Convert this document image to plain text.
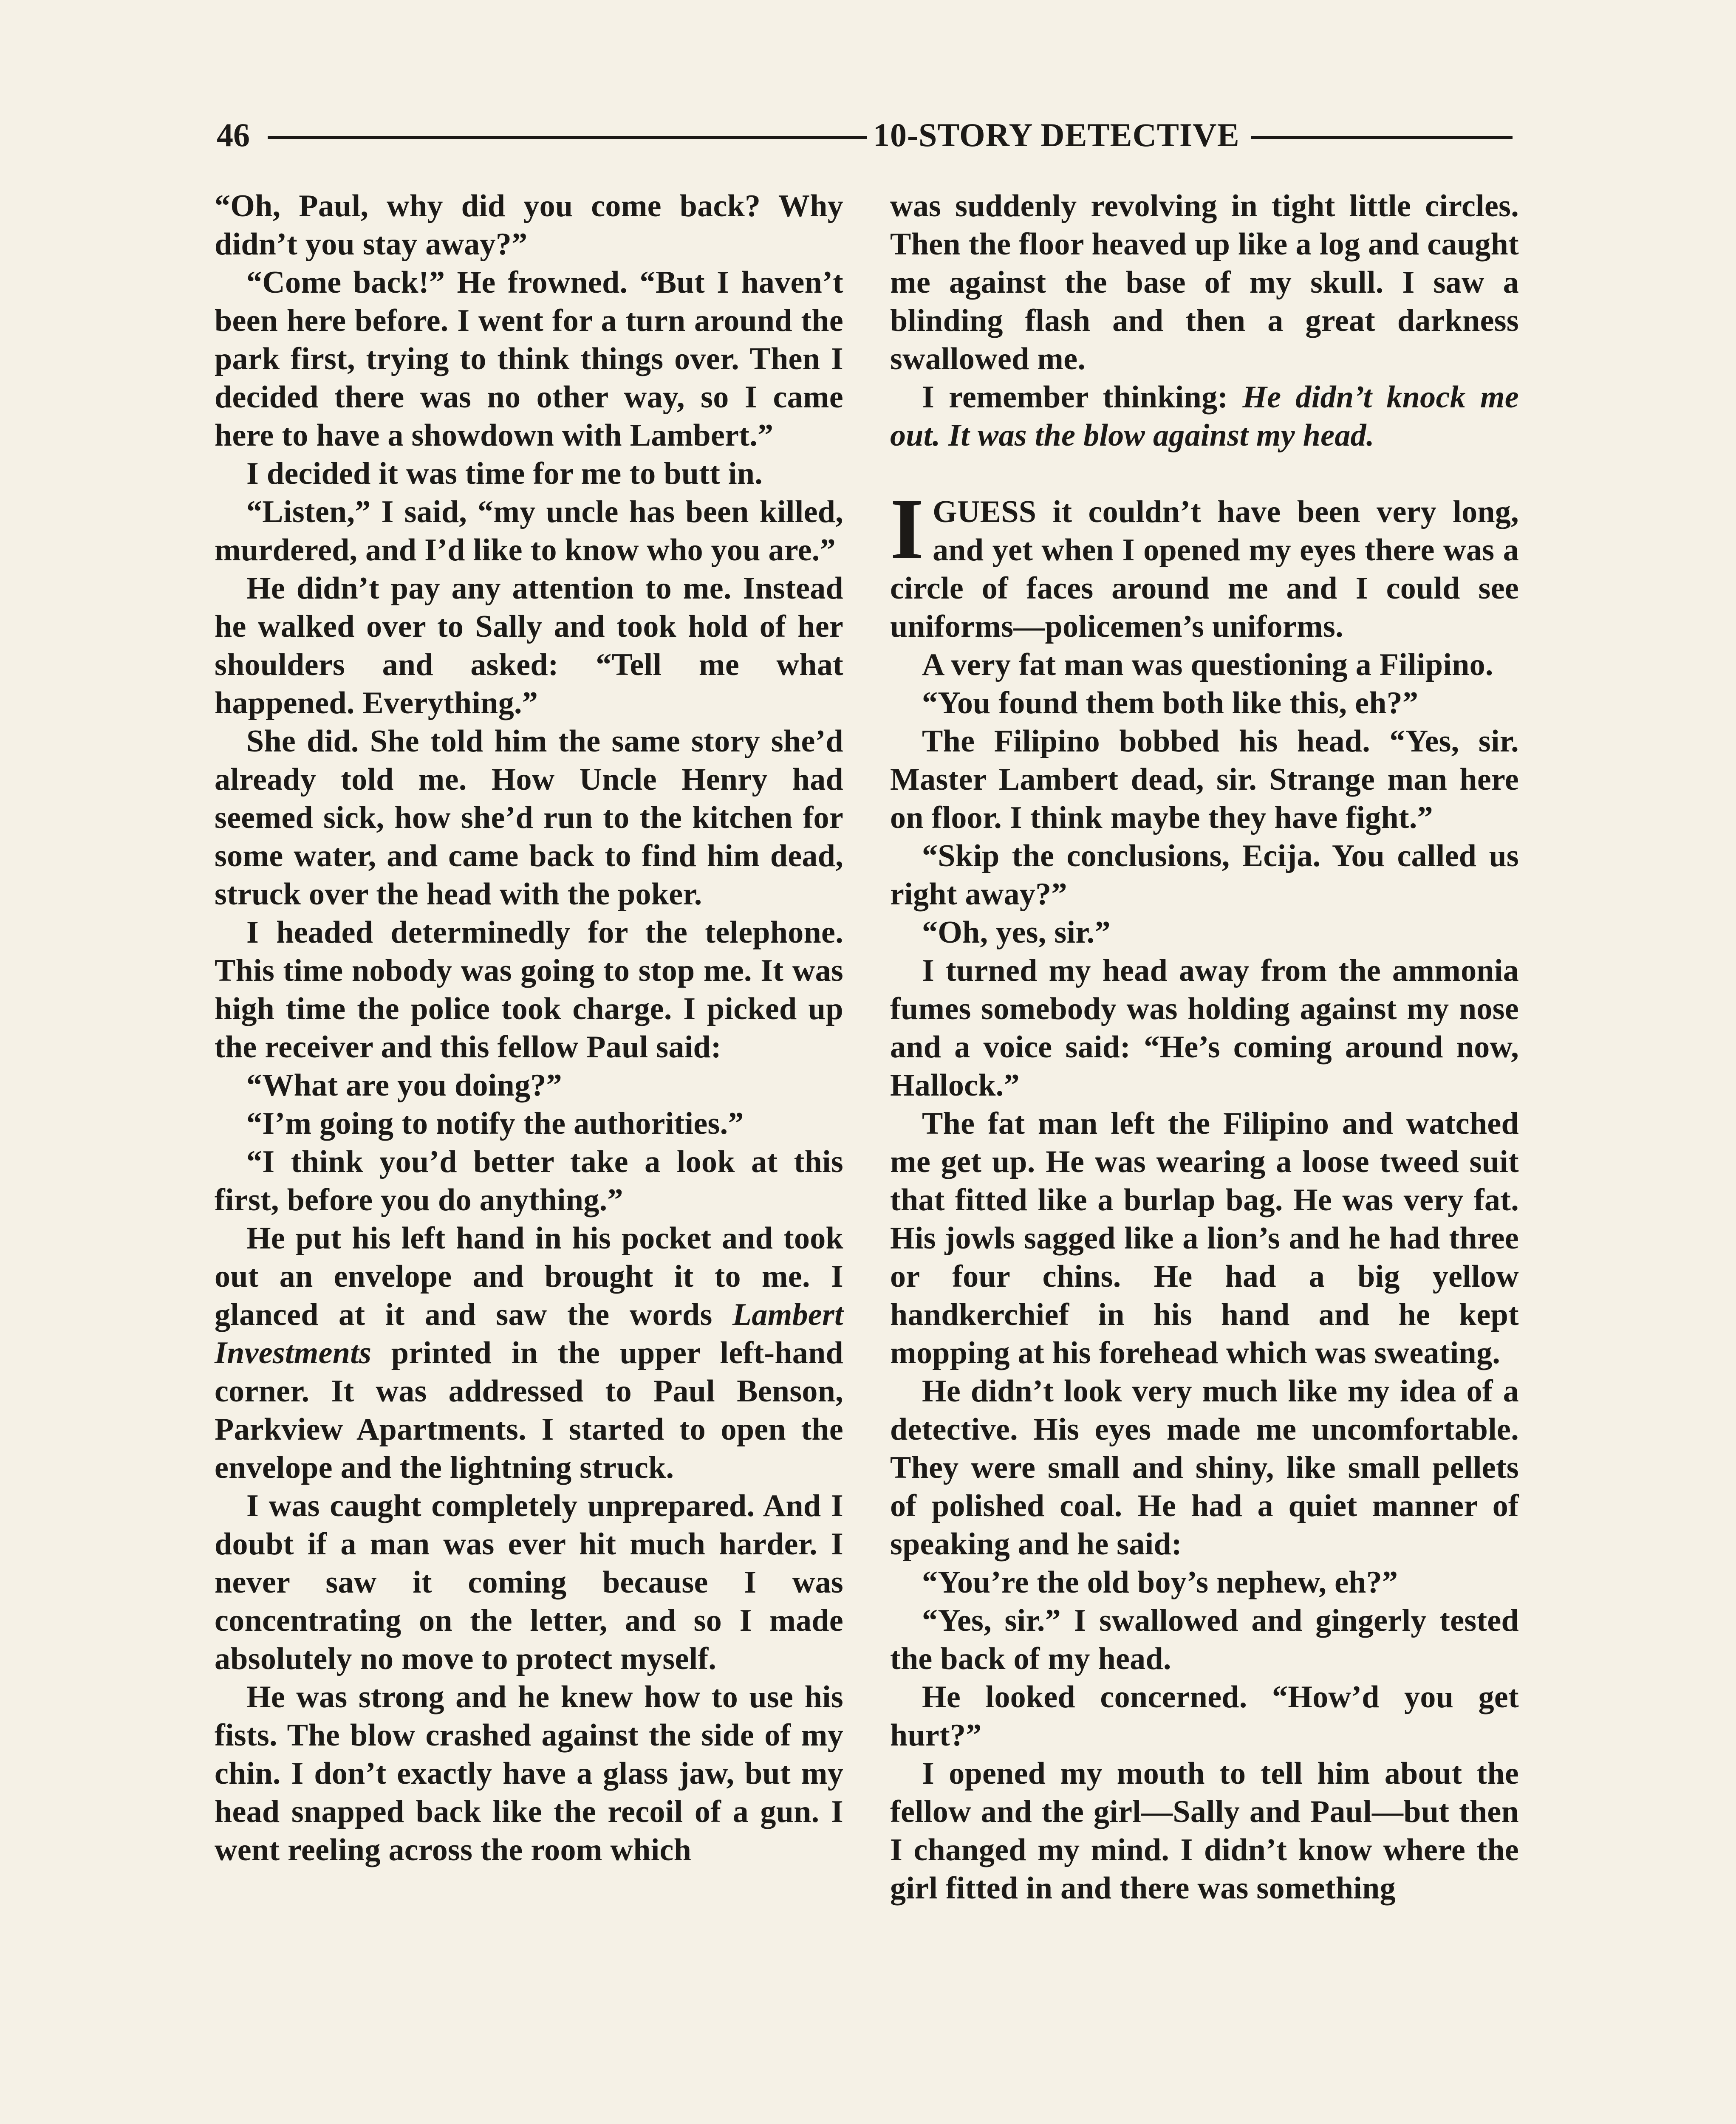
46	10-STORY DETECTIVE

“Oh, Paul, why did you come back? Why didn’t you stay away?”

“Come back!” He frowned. “But I haven’t been here before. I went for a turn around the park first, trying to think things over. Then I decided there was no other way, so I came here to have a showdown with Lambert.”

I decided it was time for me to butt in.

“Listen,” I said, “my uncle has been killed, murdered, and I’d like to know who you are.”

He didn’t pay any attention to me. Instead he walked over to Sally and took hold of her shoulders and asked: “Tell me what happened. Everything.”

She did. She told him the same story she’d already told me. How Uncle Henry had seemed sick, how she’d run to the kitchen for some water, and came back to find him dead, struck over the head with the poker.

I headed determinedly for the telephone. This time nobody was going to stop me. It was high time the police took charge. I picked up the receiver and this fellow Paul said:

“What are you doing?”

“I’m going to notify the authorities.”

“I think you’d better take a look at this first, before you do anything.”

He put his left hand in his pocket and took out an envelope and brought it to me. I glanced at it and saw the words Lambert Investments printed in the upper left-hand corner. It was addressed to Paul Benson, Parkview Apartments. I started to open the envelope and the lightning struck.

I was caught completely unprepared. And I doubt if a man was ever hit much harder. I never saw it coming because I was concentrating on the letter, and so I made absolutely no move to protect myself.

He was strong and he knew how to use his fists. The blow crashed against the side of my chin. I don’t exactly have a glass jaw, but my head snapped back like the recoil of a gun. I went reeling across the room which

was suddenly revolving in tight little circles. Then the floor heaved up like a log and caught me against the base of my skull. I saw a blinding flash and then a great darkness swallowed me.

I remember thinking: He didn’t knock me out. It was the blow against my head.

IGUESS it couldn’t have been very long, and yet when I opened my eyes there was a circle of faces around me and I could see uniforms—policemen’s uniforms.

A very fat man was questioning a Filipino.

“You found them both like this, eh?”

The Filipino bobbed his head. “Yes, sir. Master Lambert dead, sir. Strange man here on floor. I think maybe they have fight.”

“Skip the conclusions, Ecija. You called us right away?”

“Oh, yes, sir.”

I turned my head away from the ammonia fumes somebody was holding against my nose and a voice said: “He’s coming around now, Hallock.”

The fat man left the Filipino and watched me get up. He was wearing a loose tweed suit that fitted like a burlap bag. He was very fat. His jowls sagged like a lion’s and he had three or four chins. He had a big yellow handkerchief in his hand and he kept mopping at his forehead which was sweating.

He didn’t look very much like my idea of a detective. His eyes made me uncomfortable. They were small and shiny, like small pellets of polished coal. He had a quiet manner of speaking and he said:

“You’re the old boy’s nephew, eh?”

“Yes, sir.” I swallowed and gingerly tested the back of my head.

He looked concerned. “How’d you get hurt?”

I opened my mouth to tell him about the fellow and the girl—Sally and Paul—but then I changed my mind. I didn’t know where the girl fitted in and there was something
